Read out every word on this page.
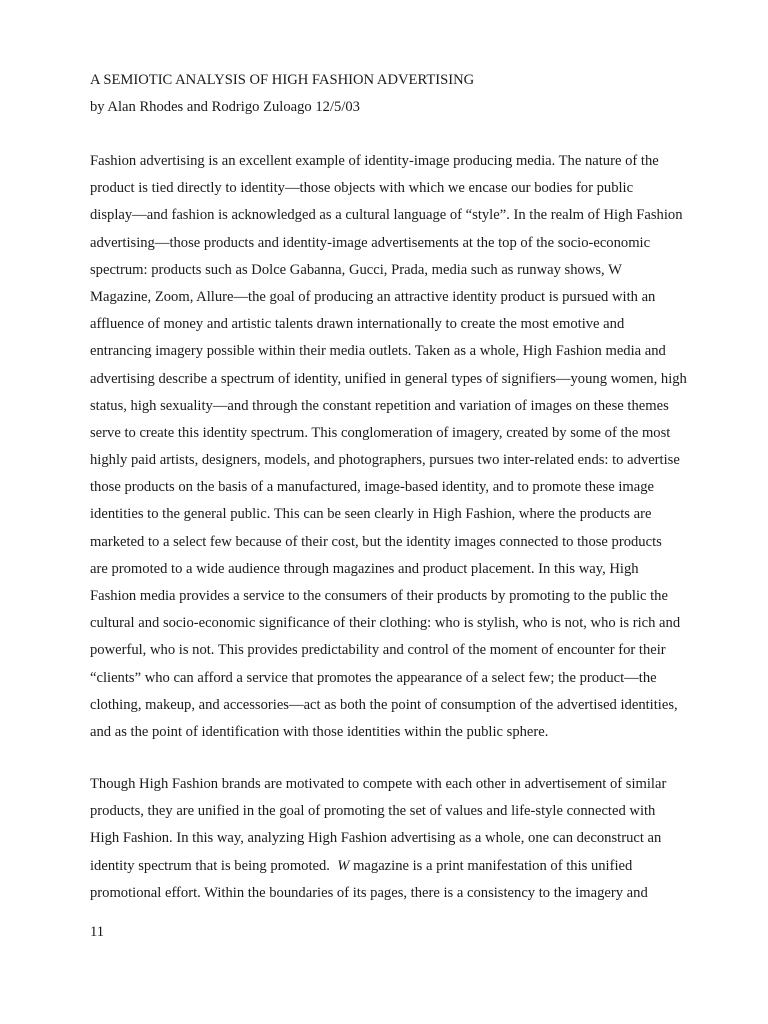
A SEMIOTIC ANALYSIS OF HIGH FASHION ADVERTISING
by Alan Rhodes and Rodrigo Zuloago 12/5/03
Fashion advertising is an excellent example of identity-image producing media. The nature of the
product is tied directly to identity—those objects with which we encase our bodies for public
display—and fashion is acknowledged as a cultural language of “style”. In the realm of High Fashion
advertising—those products and identity-image advertisements at the top of the socio-economic
spectrum: products such as Dolce Gabanna, Gucci, Prada, media such as runway shows, W
Magazine, Zoom, Allure—the goal of producing an attractive identity product is pursued with an
affluence of money and artistic talents drawn internationally to create the most emotive and
entrancing imagery possible within their media outlets. Taken as a whole, High Fashion media and
advertising describe a spectrum of identity, unified in general types of signifiers—young women, high
status, high sexuality—and through the constant repetition and variation of images on these themes
serve to create this identity spectrum. This conglomeration of imagery, created by some of the most
highly paid artists, designers, models, and photographers, pursues two inter-related ends: to advertise
those products on the basis of a manufactured, image-based identity, and to promote these image
identities to the general public. This can be seen clearly in High Fashion, where the products are
marketed to a select few because of their cost, but the identity images connected to those products
are promoted to a wide audience through magazines and product placement. In this way, High
Fashion media provides a service to the consumers of their products by promoting to the public the
cultural and socio-economic significance of their clothing: who is stylish, who is not, who is rich and
powerful, who is not. This provides predictability and control of the moment of encounter for their
“clients” who can afford a service that promotes the appearance of a select few; the product—the
clothing, makeup, and accessories—act as both the point of consumption of the advertised identities,
and as the point of identification with those identities within the public sphere.
Though High Fashion brands are motivated to compete with each other in advertisement of similar
products, they are unified in the goal of promoting the set of values and life-style connected with
High Fashion. In this way, analyzing High Fashion advertising as a whole, one can deconstruct an
identity spectrum that is being promoted.  W magazine is a print manifestation of this unified
promotional effort. Within the boundaries of its pages, there is a consistency to the imagery and
11
